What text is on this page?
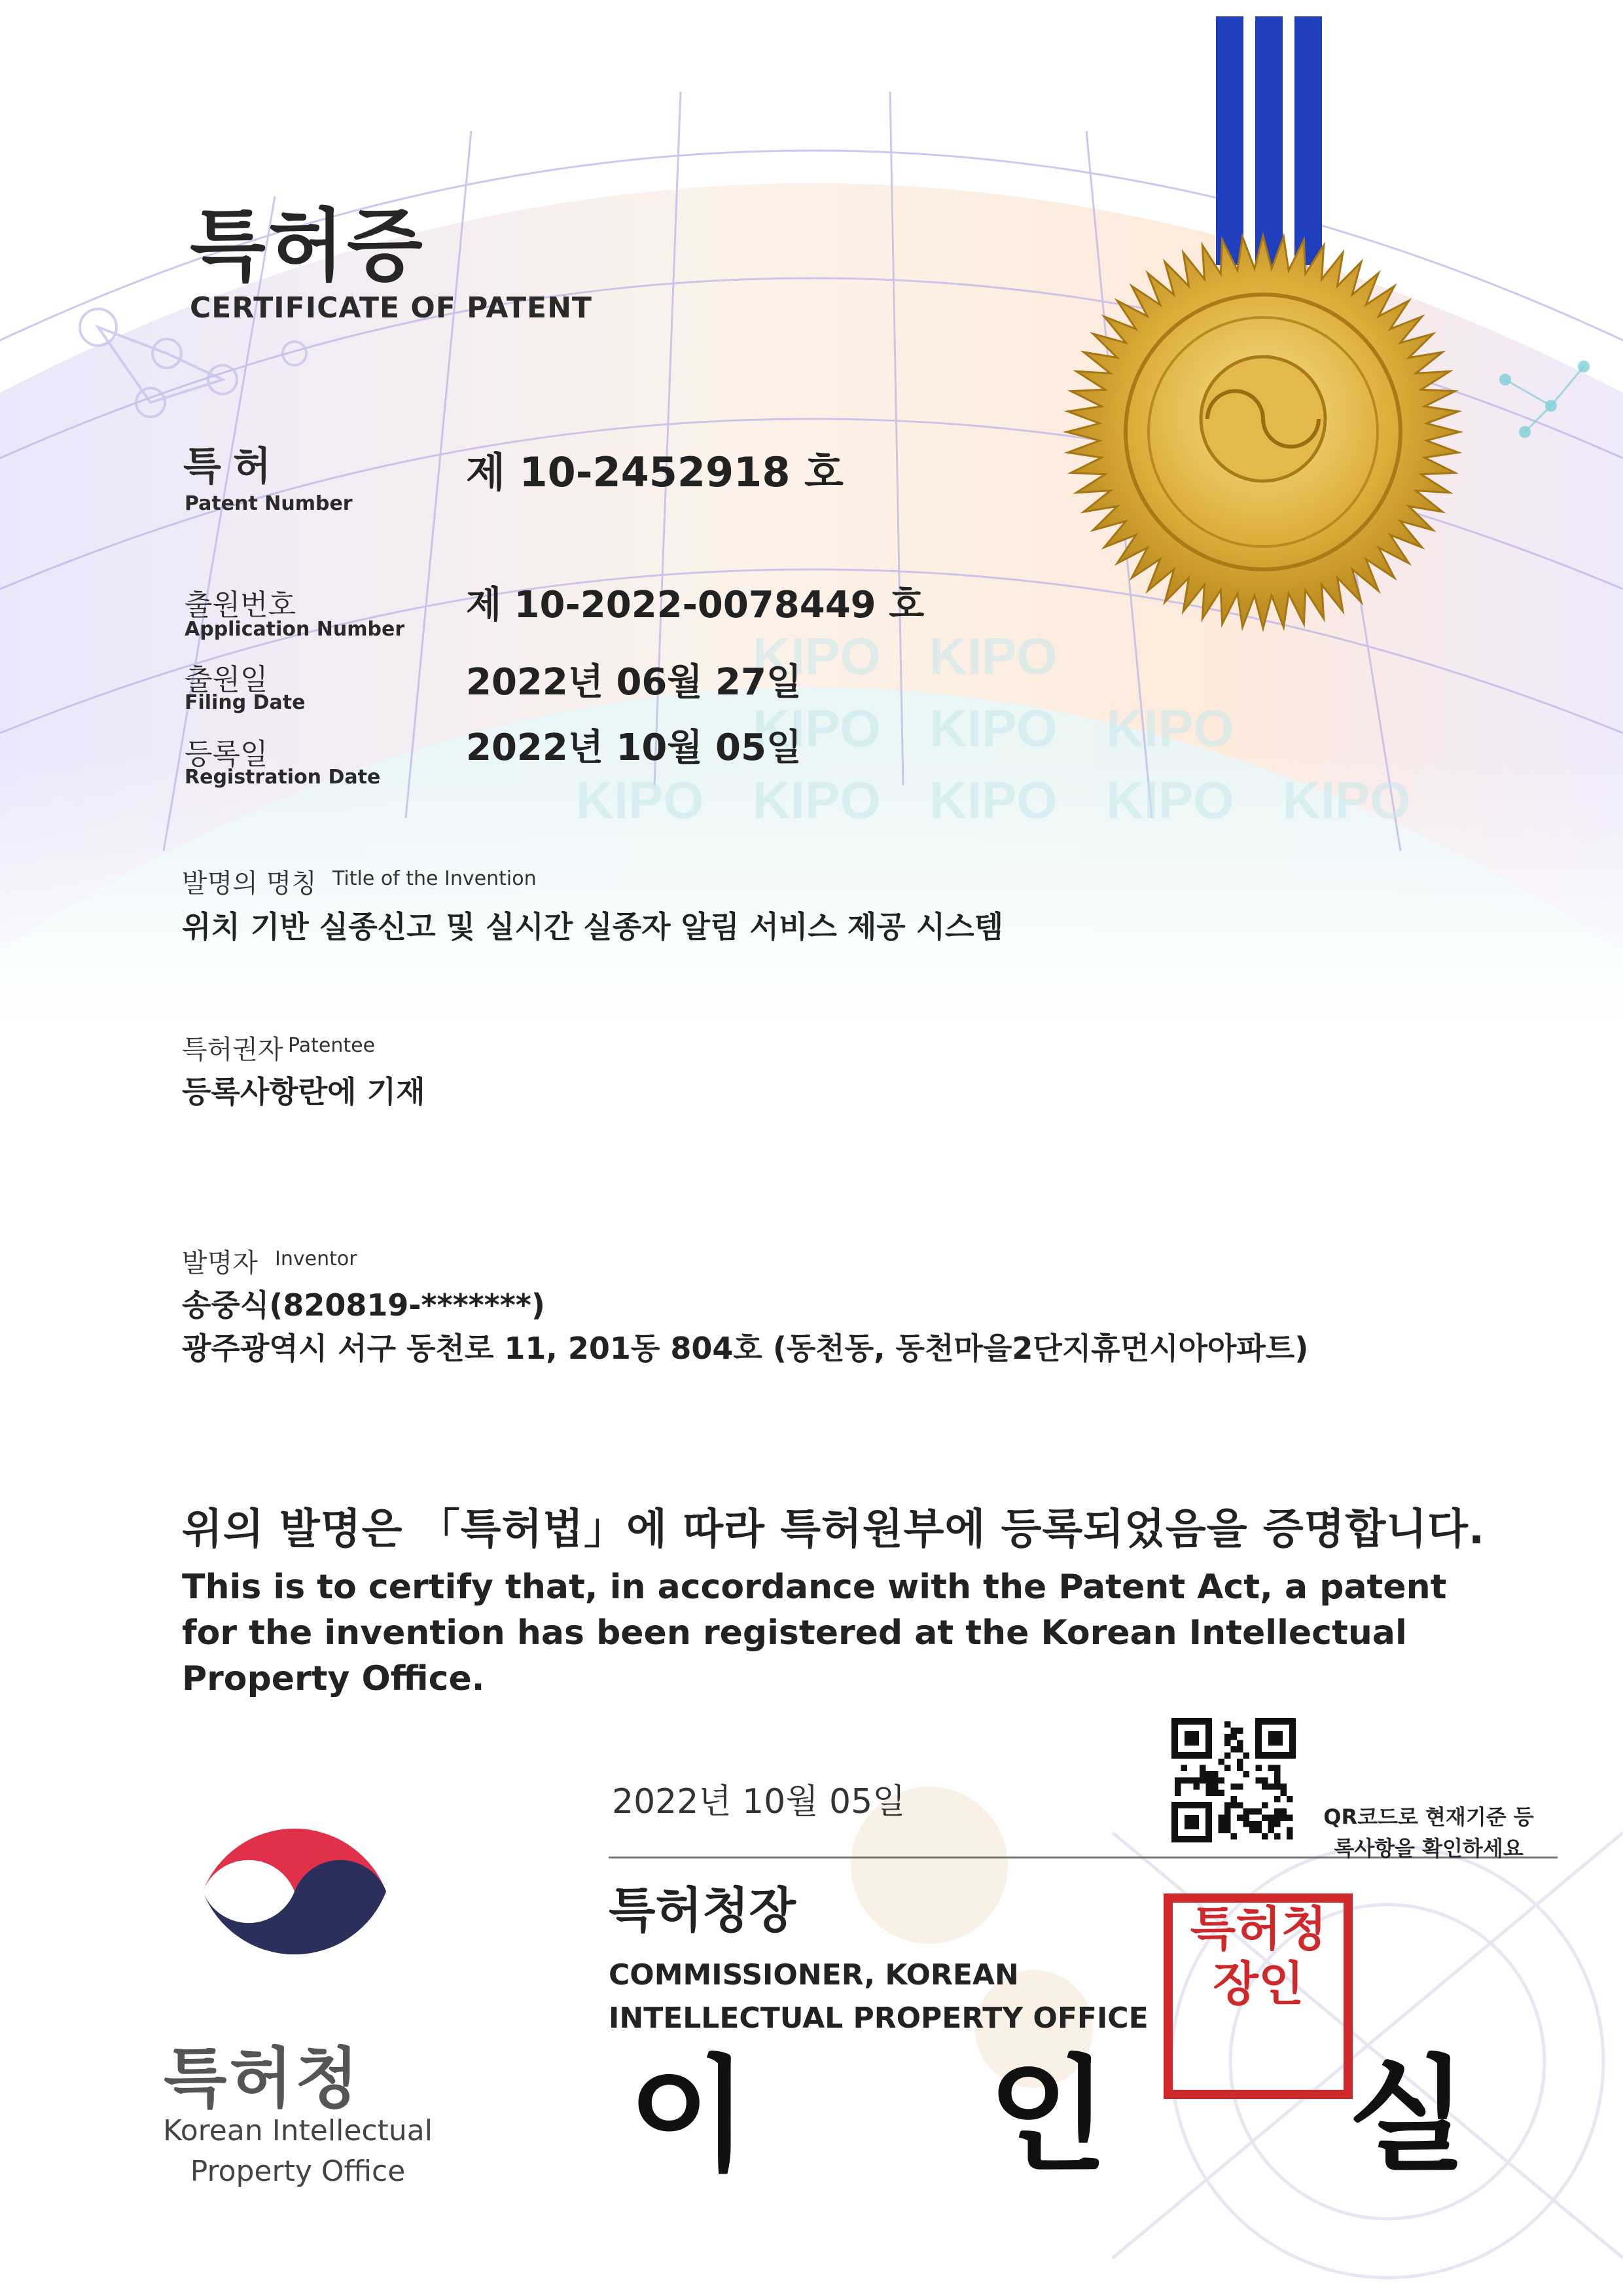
KIPO KIPO
KIPO KIPO KIPO
KIPO KIPO KIPO KIPO KIPO
특허증
CERTIFICATE OF PATENT
특허
Patent Number
제 10-2452918 호
출원번호
Application Number
제 10-2022-0078449 호
출원일
Filing Date	2022년 06월 27일
등록일
Registration Date
2022년 10월 05일
발명의 명칭 Title of the Invention
위치 기반 실종신고 및 실시간 실종자 알림 서비스 제공 시스템
특허권자 Patentee
등록사항란에 기재
발명자 Inventor
송중식(820819-*******)
광주광역시 서구 동천로 11, 201동 804호 (동천동, 동천마을2단지휴먼시아아파트)
위의 발명은 「특허법」에 따라 특허원부에 등록되었음을 증명합니다.
This is to certify that, in accordance with the Patent Act, a patent for the invention has been registered at the Korean Intellectual Property Office.
2022년 10월 05일
특허청장
COMMISSIONER, KOREAN INTELLECTUAL PROPERTY OFFICE
이 인 실
QR코드로 현재기준 등록사항을 확인하세요
특허청장인
특허청
Korean Intellectual Property Office
